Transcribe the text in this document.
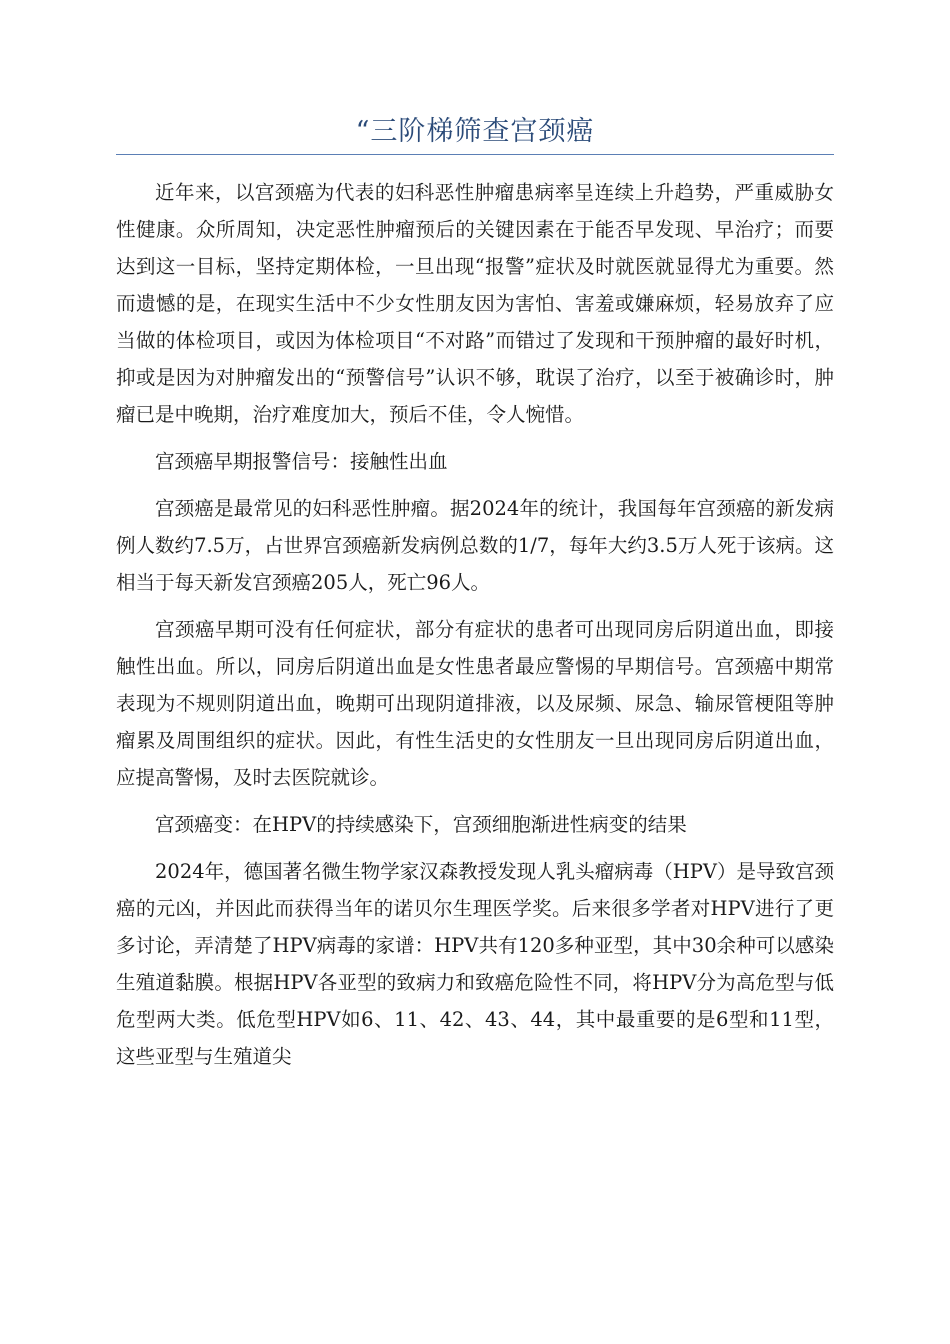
“三阶梯筛查宫颈癌

近年来，以宫颈癌为代表的妇科恶性肿瘤患病率呈连续上升趋势，严重威胁女性健康。众所周知，决定恶性肿瘤预后的关键因素在于能否早发现、早治疗；而要达到这一目标，坚持定期体检，一旦出现“报警”症状及时就医就显得尤为重要。然而遗憾的是，在现实生活中不少女性朋友因为害怕、害羞或嫌麻烦，轻易放弃了应当做的体检项目，或因为体检项目“不对路”而错过了发现和干预肿瘤的最好时机，抑或是因为对肿瘤发出的“预警信号”认识不够，耽误了治疗，以至于被确诊时，肿瘤已是中晚期，治疗难度加大，预后不佳，令人惋惜。

宫颈癌早期报警信号：接触性出血

宫颈癌是最常见的妇科恶性肿瘤。据2024年的统计，我国每年宫颈癌的新发病例人数约7.5万，占世界宫颈癌新发病例总数的1/7，每年大约3.5万人死于该病。这相当于每天新发宫颈癌205人，死亡96人。

宫颈癌早期可没有任何症状，部分有症状的患者可出现同房后阴道出血，即接触性出血。所以，同房后阴道出血是女性患者最应警惕的早期信号。宫颈癌中期常表现为不规则阴道出血，晚期可出现阴道排液，以及尿频、尿急、输尿管梗阻等肿瘤累及周围组织的症状。因此，有性生活史的女性朋友一旦出现同房后阴道出血，应提高警惕，及时去医院就诊。

宫颈癌变：在HPV的持续感染下，宫颈细胞渐进性病变的结果

2024年，德国著名微生物学家汉森教授发现人乳头瘤病毒（HPV）是导致宫颈癌的元凶，并因此而获得当年的诺贝尔生理医学奖。后来很多学者对HPV进行了更多讨论，弄清楚了HPV病毒的家谱：HPV共有120多种亚型，其中30余种可以感染生殖道黏膜。根据HPV各亚型的致病力和致癌危险性不同，将HPV分为高危型与低危型两大类。低危型HPV如6、11、42、43、44，其中最重要的是6型和11型，这些亚型与生殖道尖
